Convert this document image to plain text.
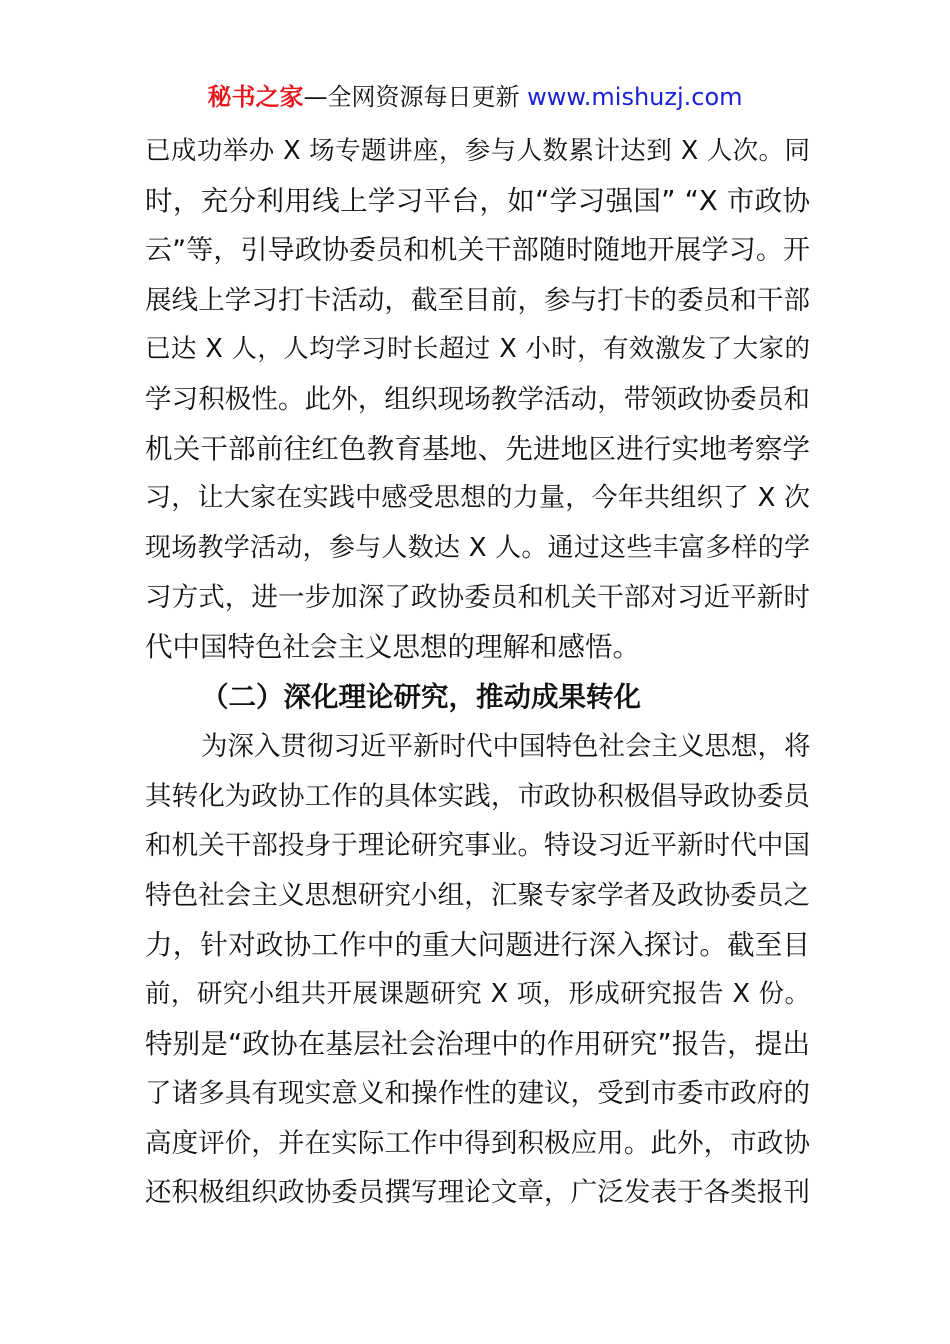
秘书之家—全网资源每日更新 www.mishuzj.com
已成功举办 X 场专题讲座，参与人数累计达到 X 人次。同
时，充分利用线上学习平台，如“学习强国” “X 市政协
云”等，引导政协委员和机关干部随时随地开展学习。开
展线上学习打卡活动，截至目前，参与打卡的委员和干部
已达 X 人，人均学习时长超过 X 小时，有效激发了大家的
学习积极性。此外，组织现场教学活动，带领政协委员和
机关干部前往红色教育基地、先进地区进行实地考察学
习，让大家在实践中感受思想的力量，今年共组织了 X 次
现场教学活动，参与人数达 X 人。通过这些丰富多样的学
习方式，进一步加深了政协委员和机关干部对习近平新时
代中国特色社会主义思想的理解和感悟。
（二）深化理论研究，推动成果转化
为深入贯彻习近平新时代中国特色社会主义思想，将
其转化为政协工作的具体实践，市政协积极倡导政协委员
和机关干部投身于理论研究事业。特设习近平新时代中国
特色社会主义思想研究小组，汇聚专家学者及政协委员之
力，针对政协工作中的重大问题进行深入探讨。截至目
前，研究小组共开展课题研究 X 项，形成研究报告 X 份。
特别是“政协在基层社会治理中的作用研究”报告，提出
了诸多具有现实意义和操作性的建议，受到市委市政府的
高度评价，并在实际工作中得到积极应用。此外，市政协
还积极组织政协委员撰写理论文章，广泛发表于各类报刊
